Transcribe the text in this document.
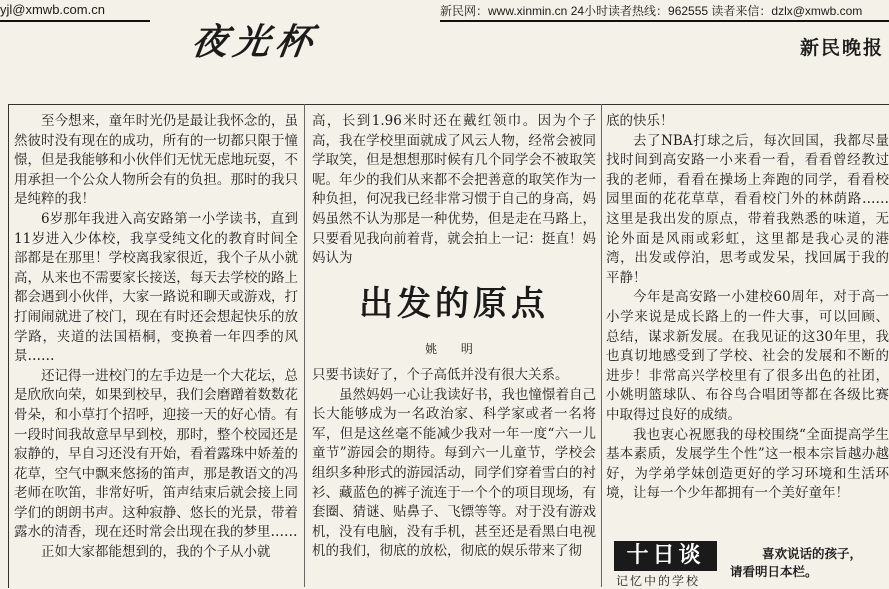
yjl@xmwb.com.cn
夜光杯
新民网：www.xinmin.cn 24小时读者热线：962555 读者来信：dzlx@xmwb.com
新民晚报

至今想来，童年时光仍是最让我怀念的，虽然彼时没有现在的成功，所有的一切都只限于憧憬，但是我能够和小伙伴们无忧无虑地玩耍，不用承担一个公众人物所会有的负担。那时的我只是纯粹的我！

6岁那年我进入高安路第一小学读书，直到11岁进入少体校，我享受纯文化的教育时间全部都是在那里！学校离我家很近，我个子从小就高，从来也不需要家长接送，每天去学校的路上都会遇到小伙伴，大家一路说和聊天或游戏，打打闹闹就进了校门，现在有时还会想起快乐的放学路，夹道的法国梧桐，变换着一年四季的风景……

还记得一进校门的左手边是一个大花坛，总是欣欣向荣，如果到校早，我们会磨蹭着数数花骨朵，和小草打个招呼，迎接一天的好心情。有一段时间我故意早早到校，那时，整个校园还是寂静的，早自习还没有开始，看着露珠中娇羞的花草，空气中飘来悠扬的笛声，那是教语文的冯老师在吹笛，非常好听，笛声结束后就会接上同学们的朗朗书声。这种寂静、悠长的光景，带着露水的清香，现在还时常会出现在我的梦里……

正如大家都能想到的，我的个子从小就

高，长到1.96米时还在戴红领巾。因为个子高，我在学校里面就成了风云人物，经常会被同学取笑，但是想想那时候有几个同学会不被取笑呢。年少的我们从来都不会把善意的取笑作为一种负担，何况我已经非常习惯于自己的身高，妈妈虽然不认为那是一种优势，但是走在马路上，只要看见我向前着背，就会拍上一记：挺直！妈妈认为

出发的原点
姚 明

只要书读好了，个子高低并没有很大关系。

虽然妈妈一心让我读好书，我也憧憬着自己长大能够成为一名政治家、科学家或者一名将军，但是这丝毫不能减少我对一年一度“六一儿童节”游园会的期待。每到六一儿童节，学校会组织多种形式的游园活动，同学们穿着雪白的衬衫、藏蓝色的裤子流连于一个个的项目现场，有套圈、猜谜、贴鼻子、飞镖等等。对于没有游戏机，没有电脑，没有手机，甚至还是看黑白电视机的我们，彻底的放松，彻底的娱乐带来了彻

底的快乐！

去了NBA打球之后，每次回国，我都尽量找时间到高安路一小来看一看，看看曾经教过我的老师，看看在操场上奔跑的同学，看看校园里面的花花草草，看看校门外的林荫路……这里是我出发的原点，带着我熟悉的味道，无论外面是风雨或彩虹，这里都是我心灵的港湾，出发或停泊，思考或发呆，找回属于我的平静！

今年是高安路一小建校60周年，对于高一小学来说是成长路上的一件大事，可以回顾、总结，谋求新发展。在我见证的这30年里，我也真切地感受到了学校、社会的发展和不断的进步！非常高兴学校里有了很多出色的社团，小姚明篮球队、布谷鸟合唱团等都在各级比赛中取得过良好的成绩。

我也衷心祝愿我的母校围绕“全面提高学生基本素质，发展学生个性”这一根本宗旨越办越好，为学弟学妹创造更好的学习环境和生活环境，让每一个少年都拥有一个美好童年！

十日谈
记忆中的学校
喜欢说话的孩子，
请看明日本栏。
